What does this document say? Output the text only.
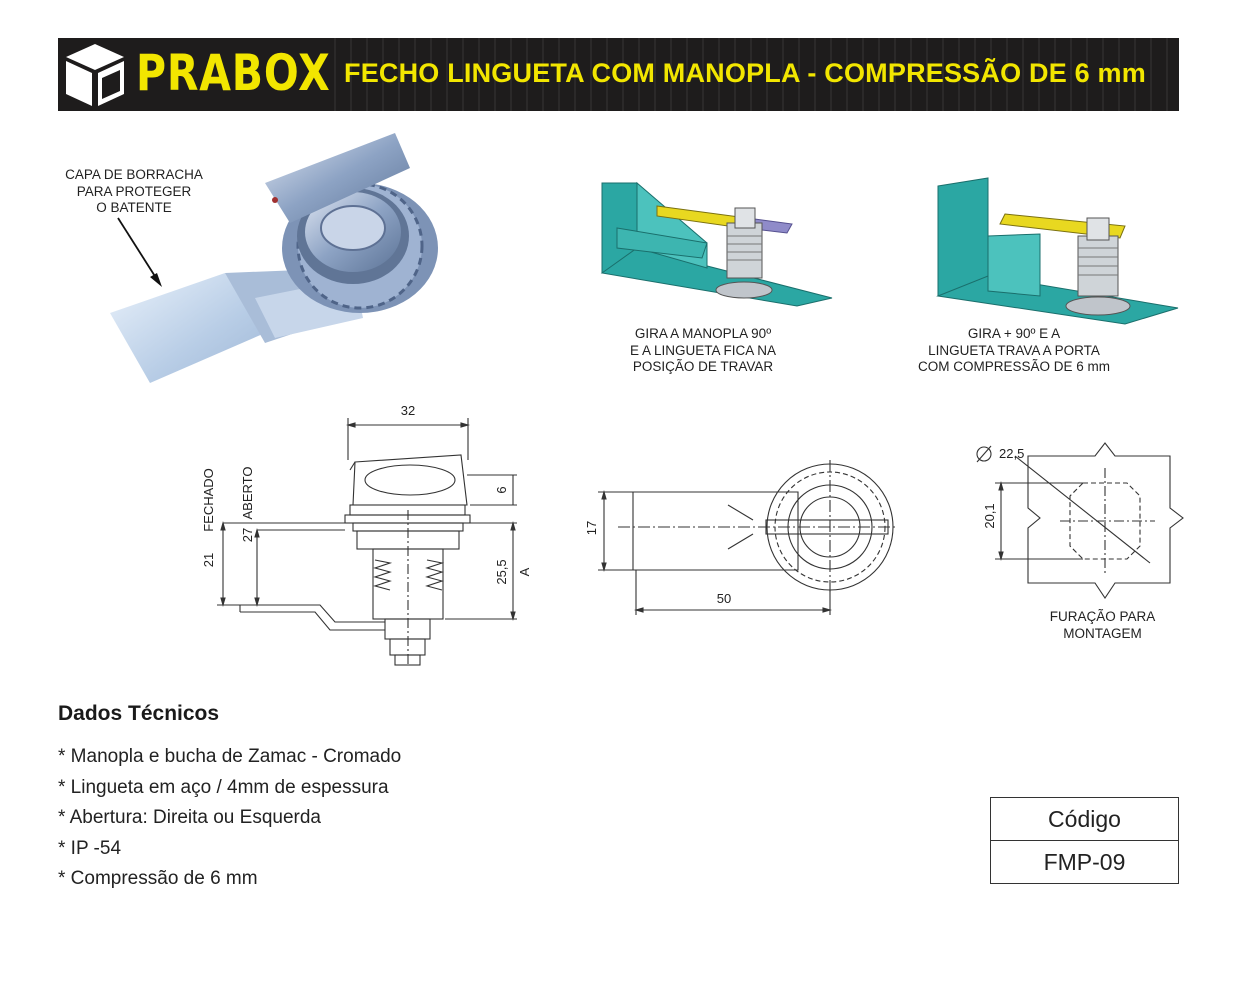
PRABOX FECHO LINGUETA COM MANOPLA - COMPRESSÃO DE 6 mm
CAPA DE BORRACHA
PARA PROTEGER
O BATENTE
GIRA A MANOPLA 90º
E A LINGUETA FICA NA
POSIÇÃO DE TRAVAR
GIRA + 90º E A
LINGUETA TRAVA A PORTA
COM COMPRESSÃO DE 6 mm
32
6
21
FECHADO
27
ABERTO
25,5 A
17
50
22,5
20,1
FURAÇÃO PARA
MONTAGEM
Dados Técnicos
* Manopla e bucha de Zamac - Cromado
* Lingueta em aço / 4mm de espessura
* Abertura: Direita ou Esquerda
* IP -54
* Compressão de 6 mm
Código
FMP-09
